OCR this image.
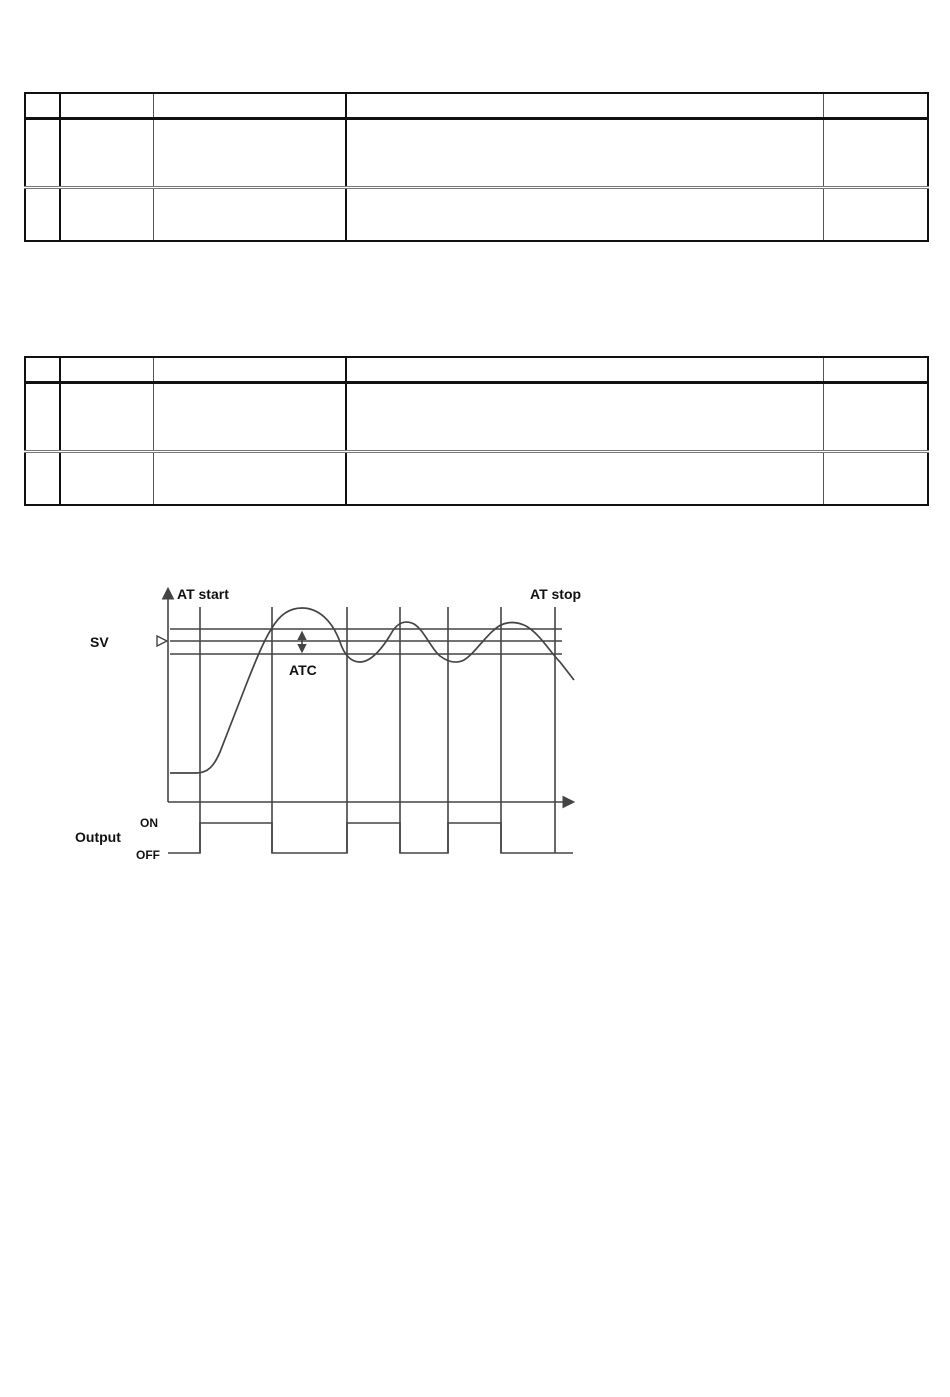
AT start	AT stop
SV
ATC
Output
ON
OFF
